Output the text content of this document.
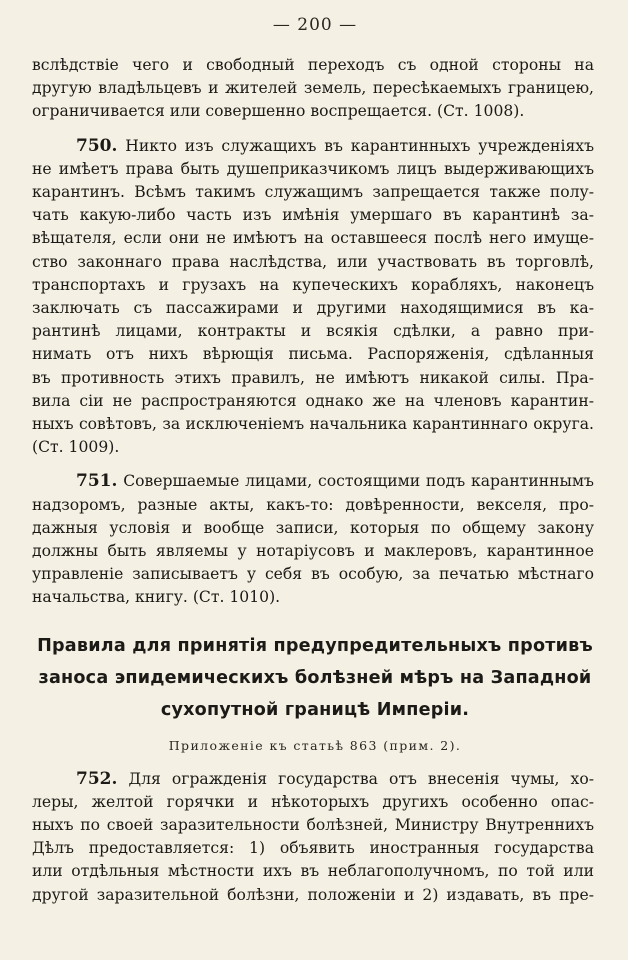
— 200 —
вслѣдствіе чего и свободный переходъ съ одной стороны на
другую владѣльцевъ и жителей земель, пересѣкаемыхъ границею,
ограничивается или совершенно воспрещается. (Ст. 1008).
750. Никто изъ служащихъ въ карантинныхъ учрежденіяхъ
не имѣетъ права быть душеприказчикомъ лицъ выдерживающихъ
карантинъ. Всѣмъ такимъ служащимъ запрещается также полу-
чать какую-либо часть изъ имѣнія умершаго въ карантинѣ за-
вѣщателя, если они не имѣютъ на оставшееся послѣ него имуще-
ство законнаго права наслѣдства, или участвовать въ торговлѣ,
транспортахъ и грузахъ на купеческихъ корабляхъ, наконецъ
заключать съ пассажирами и другими находящимися въ ка-
рантинѣ лицами, контракты и всякія сдѣлки, а равно при-
нимать отъ нихъ вѣрющія письма. Распоряженія, сдѣланныя
въ противность этихъ правилъ, не имѣютъ никакой силы. Пра-
вила сіи не распространяются однако же на членовъ карантин-
ныхъ совѣтовъ, за исключеніемъ начальника карантиннаго округа.
(Ст. 1009).
751. Совершаемые лицами, состоящими подъ карантиннымъ
надзоромъ, разные акты, какъ-то: довѣренности, векселя, про-
дажныя условія и вообще записи, которыя по общему закону
должны быть являемы у нотаріусовъ и маклеровъ, карантинное
управленіе записываетъ у себя въ особую, за печатью мѣстнаго
начальства, книгу. (Ст. 1010).
Правила для принятія предупредительныхъ противъ
заноса эпидемическихъ болѣзней мѣръ на Западной
сухопутной границѣ Имперіи.
Приложеніе къ статьѣ 863 (прим. 2).
752. Для огражденія государства отъ внесенія чумы, хо-
леры, желтой горячки и нѣкоторыхъ другихъ особенно опас-
ныхъ по своей заразительности болѣзней, Министру Внутреннихъ
Дѣлъ предоставляется: 1) объявить иностранныя государства
или отдѣльныя мѣстности ихъ въ неблагополучномъ, по той или
другой заразительной болѣзни, положеніи и 2) издавать, въ пре-
